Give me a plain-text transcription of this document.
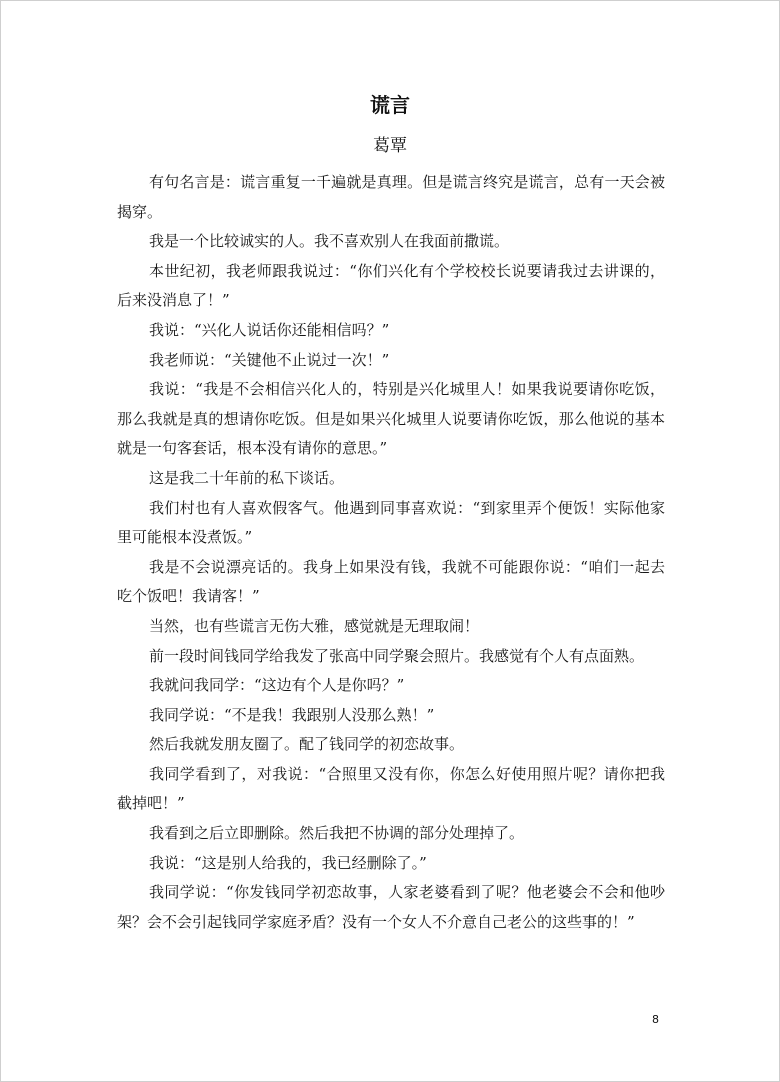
谎言
葛覃

有句名言是：谎言重复一千遍就是真理。但是谎言终究是谎言，总有一天会被揭穿。

我是一个比较诚实的人。我不喜欢别人在我面前撒谎。

本世纪初，我老师跟我说过：“你们兴化有个学校校长说要请我过去讲课的，后来没消息了！”

我说：“兴化人说话你还能相信吗？”

我老师说：“关键他不止说过一次！”

我说：“我是不会相信兴化人的，特别是兴化城里人！如果我说要请你吃饭，那么我就是真的想请你吃饭。但是如果兴化城里人说要请你吃饭，那么他说的基本就是一句客套话，根本没有请你的意思。”

这是我二十年前的私下谈话。

我们村也有人喜欢假客气。他遇到同事喜欢说：“到家里弄个便饭！实际他家里可能根本没煮饭。”

我是不会说漂亮话的。我身上如果没有钱，我就不可能跟你说：“咱们一起去吃个饭吧！我请客！”

当然，也有些谎言无伤大雅，感觉就是无理取闹！

前一段时间钱同学给我发了张高中同学聚会照片。我感觉有个人有点面熟。

我就问我同学：“这边有个人是你吗？”

我同学说：“不是我！我跟别人没那么熟！”

然后我就发朋友圈了。配了钱同学的初恋故事。

我同学看到了，对我说：“合照里又没有你，你怎么好使用照片呢？请你把我截掉吧！”

我看到之后立即删除。然后我把不协调的部分处理掉了。

我说：“这是别人给我的，我已经删除了。”

我同学说：“你发钱同学初恋故事，人家老婆看到了呢？他老婆会不会和他吵架？会不会引起钱同学家庭矛盾？没有一个女人不介意自己老公的这些事的！”

8
